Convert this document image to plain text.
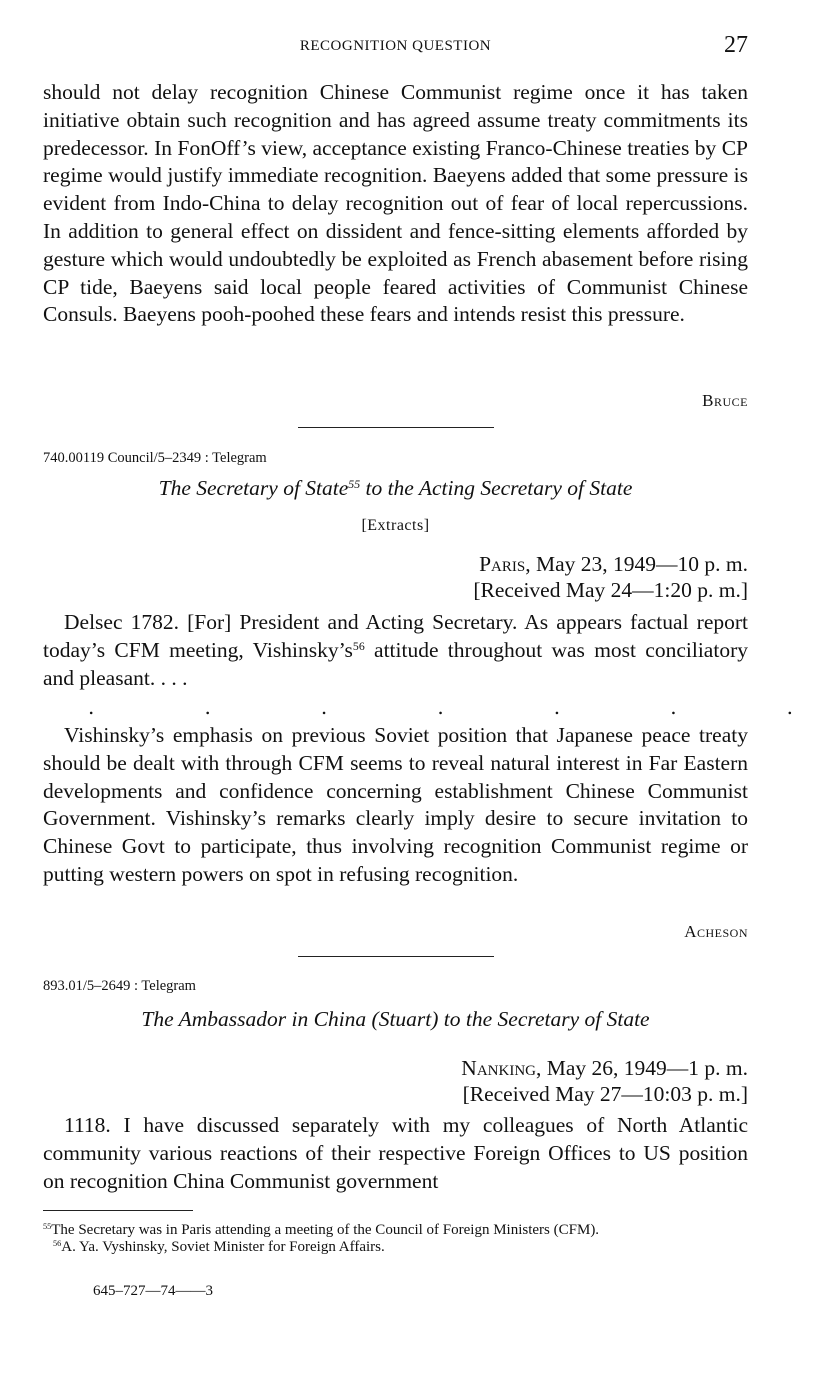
RECOGNITION QUESTION	27

should not delay recognition Chinese Communist regime once it has taken initiative obtain such recognition and has agreed assume treaty commitments its predecessor. In FonOff’s view, acceptance existing Franco-Chinese treaties by CP regime would justify immediate recognition. Baeyens added that some pressure is evident from Indo-China to delay recognition out of fear of local repercussions. In addition to general effect on dissident and fence-sitting elements afforded by gesture which would undoubtedly be exploited as French abasement before rising CP tide, Baeyens said local people feared activities of Communist Chinese Consuls. Baeyens pooh-poohed these fears and intends resist this pressure.

Bruce
740.00119 Council/5–2349 : Telegram
The Secretary of State$^{55}$ to the Acting Secretary of State
[Extracts]
Paris, May 23, 1949—10 p. m.
[Received May 24—1:20 p. m.]

Delsec 1782. [For] President and Acting Secretary. As appears factual report today’s CFM meeting, $Vishinsky’s^{56}$ attitude throughout was most conciliatory and pleasant. . . .

.	.	.	.	.	.	.

Vishinsky’s emphasis on previous Soviet position that Japanese peace treaty should be dealt with through CFM seems to reveal natural interest in Far Eastern developments and confidence concerning establishment Chinese Communist Government. Vishinsky’s remarks clearly imply desire to secure invitation to Chinese Govt to participate, thus involving recognition Communist regime or putting western powers on spot in refusing recognition.

Acheson
893.01/5–2649 : Telegram
The Ambassador in China (Stuart) to the Secretary of State
Nanking, May 26, 1949—1 p. m.
[Received May 27—10:03 p. m.]

1118. I have discussed separately with my colleagues of North Atlantic community various reactions of their respective Foreign Offices to US position on recognition China Communist government

$^{55}$The Secretary was in Paris attending a meeting of the Council of Foreign Ministers (CFM).
$^{56}$A. Ya. Vyshinsky, Soviet Minister for Foreign Affairs.
645–727—74——3
